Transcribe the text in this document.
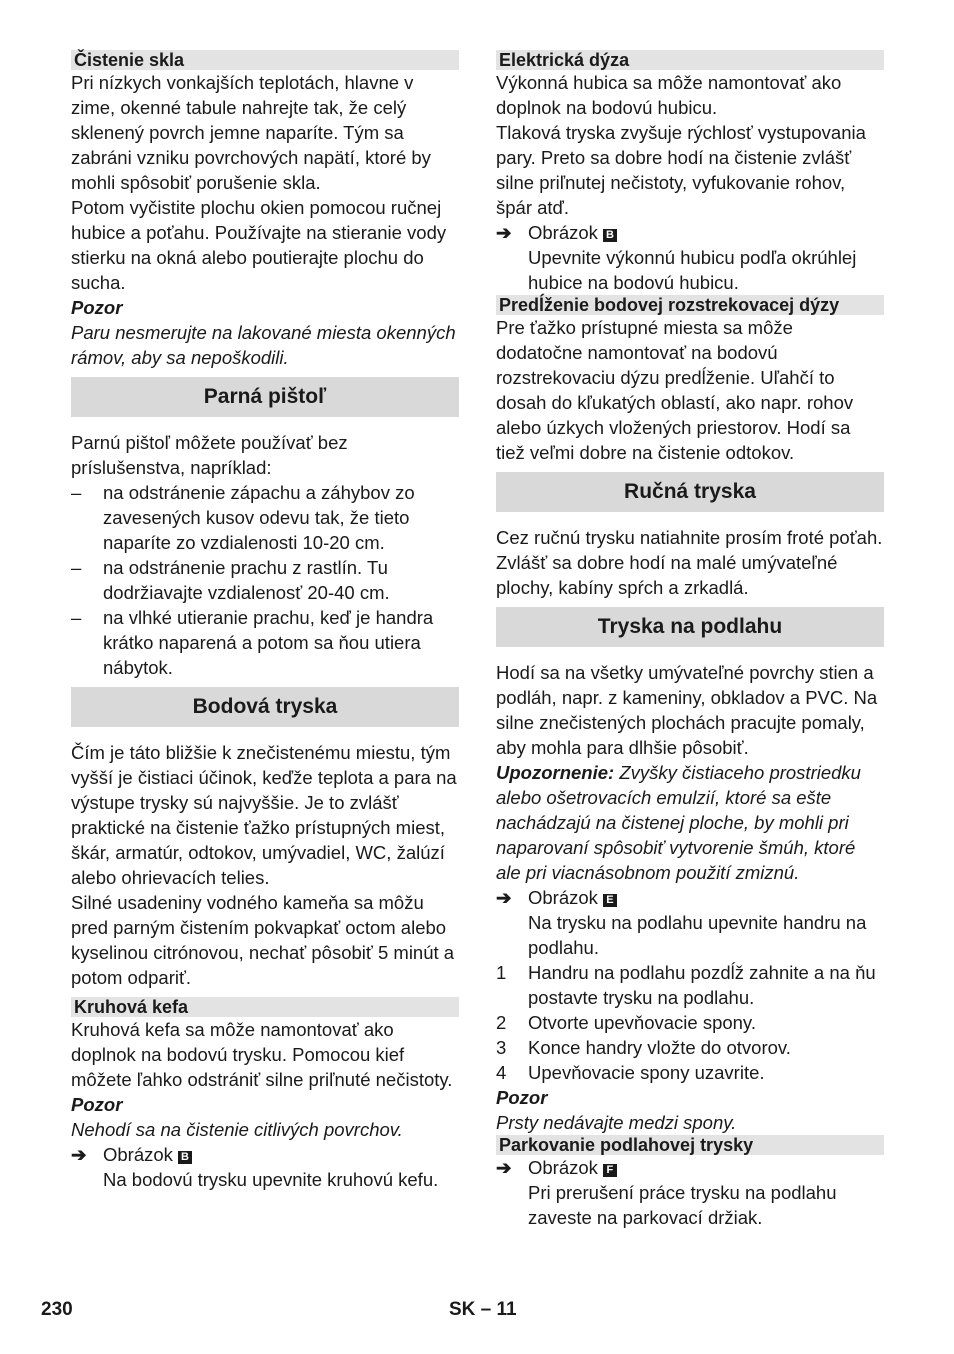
Čistenie skla

Pri nízkych vonkajších teplotách, hlavne v zime, okenné tabule nahrejte tak, že celý sklenený povrch jemne naparíte. Tým sa zabráni vzniku povrchových napätí, ktoré by mohli spôsobiť porušenie skla.

Potom vyčistite plochu okien pomocou ručnej hubice a poťahu. Používajte na stieranie vody stierku na okná alebo poutierajte plochu do sucha.

Pozor

Paru nesmerujte na lakované miesta okenných rámov, aby sa nepoškodili.

Parná pištoľ

Parnú pištoľ môžete používať bez príslušenstva, napríklad:

– na odstránenie zápachu a záhybov zo zavesených kusov odevu tak, že tieto naparíte zo vzdialenosti 10-20 cm.
– na odstránenie prachu z rastlín. Tu dodržiavajte vzdialenosť 20-40 cm.
– na vlhké utieranie prachu, keď je handra krátko naparená a potom sa ňou utiera nábytok.
Bodová tryska

Čím je táto bližšie k znečistenému miestu, tým vyšší je čistiaci účinok, keďže teplota a para na výstupe trysky sú najvyššie. Je to zvlášť praktické na čistenie ťažko prístupných miest, škár, armatúr, odtokov, umývadiel, WC, žalúzí alebo ohrievacích telies.

Silné usadeniny vodného kameňa sa môžu pred parným čistením pokvapkať octom alebo kyselinou citrónovou, nechať pôsobiť 5 minút a potom odpariť.

Kruhová kefa

Kruhová kefa sa môže namontovať ako doplnok na bodovú trysku. Pomocou kief môžete ľahko odstrániť silne priľnuté nečistoty.

Pozor

Nehodí sa na čistenie citlivých povrchov.

➔ Obrázok B

Na bodovú trysku upevnite kruhovú kefu.

Elektrická dýza

Výkonná hubica sa môže namontovať ako doplnok na bodovú hubicu.

Tlaková tryska zvyšuje rýchlosť vystupovania pary. Preto sa dobre hodí na čistenie zvlášť silne priľnutej nečistoty, vyfukovanie rohov, špár atď.

➔ Obrázok B

Upevnite výkonnú hubicu podľa okrúhlej hubice na bodovú hubicu.

Predĺženie bodovej rozstrekovacej dýzy

Pre ťažko prístupné miesta sa môže dodatočne namontovať na bodovú rozstrekovaciu dýzu predĺženie. Uľahčí to dosah do kľukatých oblastí, ako napr. rohov alebo úzkych vložených priestorov. Hodí sa tiež veľmi dobre na čistenie odtokov.

Ručná tryska

Cez ručnú trysku natiahnite prosím froté poťah. Zvlášť sa dobre hodí na malé umývateľné plochy, kabíny spŕch a zrkadlá.

Tryska na podlahu

Hodí sa na všetky umývateľné povrchy stien a podláh, napr. z kameniny, obkladov a PVC. Na silne znečistených plochách pracujte pomaly, aby mohla para dlhšie pôsobiť.

Upozornenie: Zvyšky čistiaceho prostriedku alebo ošetrovacích emulzií, ktoré sa ešte nachádzajú na čistenej ploche, by mohli pri naparovaní spôsobiť vytvorenie šmúh, ktoré ale pri viacnásobnom použití zmiznú.

➔ Obrázok E

Na trysku na podlahu upevnite handru na podlahu.

1 Handru na podlahu pozdĺž zahnite a na ňu postavte trysku na podlahu.
2 Otvorte upevňovacie spony.
3 Konce handry vložte do otvorov.
4 Upevňovacie spony uzavrite.

Pozor

Prsty nedávajte medzi spony.

Parkovanie podlahovej trysky
➔ Obrázok F

Pri prerušení práce trysku na podlahu zaveste na parkovací držiak.

230	SK – 11
